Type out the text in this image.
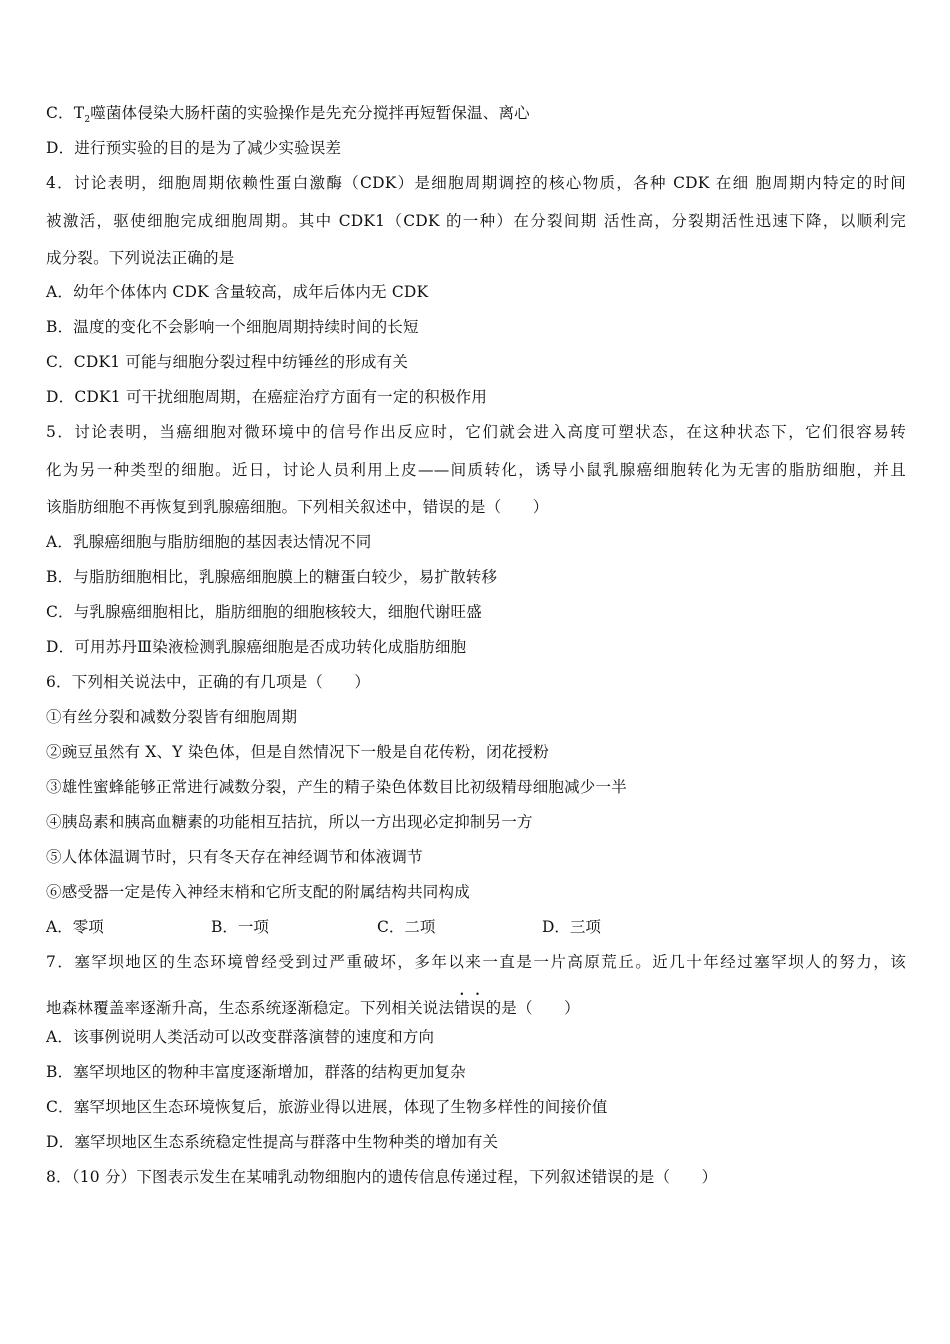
C．$T_2$噬菌体侵染大肠杆菌的实验操作是先充分搅拌再短暂保温、离心
D．进行预实验的目的是为了减少实验误差
4．讨论表明，细胞周期依赖性蛋白激酶（CDK）是细胞周期调控的核心物质，各种 CDK 在细 胞周期内特定的时间
被激活，驱使细胞完成细胞周期。其中 CDK1（CDK 的一种）在分裂间期 活性高，分裂期活性迅速下降，以顺利完
成分裂。下列说法正确的是
A．幼年个体体内 CDK 含量较高，成年后体内无 CDK
B．温度的变化不会影响一个细胞周期持续时间的长短
C．CDK1 可能与细胞分裂过程中纺锤丝的形成有关
D．CDK1 可干扰细胞周期，在癌症治疗方面有一定的积极作用
5．讨论表明，当癌细胞对微环境中的信号作出反应时，它们就会进入高度可塑状态，在这种状态下，它们很容易转
化为另一种类型的细胞。近日，讨论人员利用上皮——间质转化，诱导小鼠乳腺癌细胞转化为无害的脂肪细胞，并且
该脂肪细胞不再恢复到乳腺癌细胞。下列相关叙述中，错误的是（　　）
A．乳腺癌细胞与脂肪细胞的基因表达情况不同
B．与脂肪细胞相比，乳腺癌细胞膜上的糖蛋白较少，易扩散转移
C．与乳腺癌细胞相比，脂肪细胞的细胞核较大，细胞代谢旺盛
D．可用苏丹Ⅲ染液检测乳腺癌细胞是否成功转化成脂肪细胞
6．下列相关说法中，正确的有几项是（　　）
①有丝分裂和减数分裂皆有细胞周期
②豌豆虽然有 X、Y 染色体，但是自然情况下一般是自花传粉，闭花授粉
③雄性蜜蜂能够正常进行减数分裂，产生的精子染色体数目比初级精母细胞减少一半
④胰岛素和胰高血糖素的功能相互拮抗，所以一方出现必定抑制另一方
⑤人体体温调节时，只有冬天存在神经调节和体液调节
⑥感受器一定是传入神经末梢和它所支配的附属结构共同构成
A．零项	B．一项	C．二项	D．三项
7．塞罕坝地区的生态环境曾经受到过严重破坏，多年以来一直是一片高原荒丘。近几十年经过塞罕坝人的努力，该
地森林覆盖率逐渐升高，生态系统逐渐稳定。下列相关说法错误的是（　　）
A．该事例说明人类活动可以改变群落演替的速度和方向
B．塞罕坝地区的物种丰富度逐渐增加，群落的结构更加复杂
C．塞罕坝地区生态环境恢复后，旅游业得以进展，体现了生物多样性的间接价值
D．塞罕坝地区生态系统稳定性提高与群落中生物种类的增加有关
8．（10 分）下图表示发生在某哺乳动物细胞内的遗传信息传递过程，下列叙述错误的是（　　）
